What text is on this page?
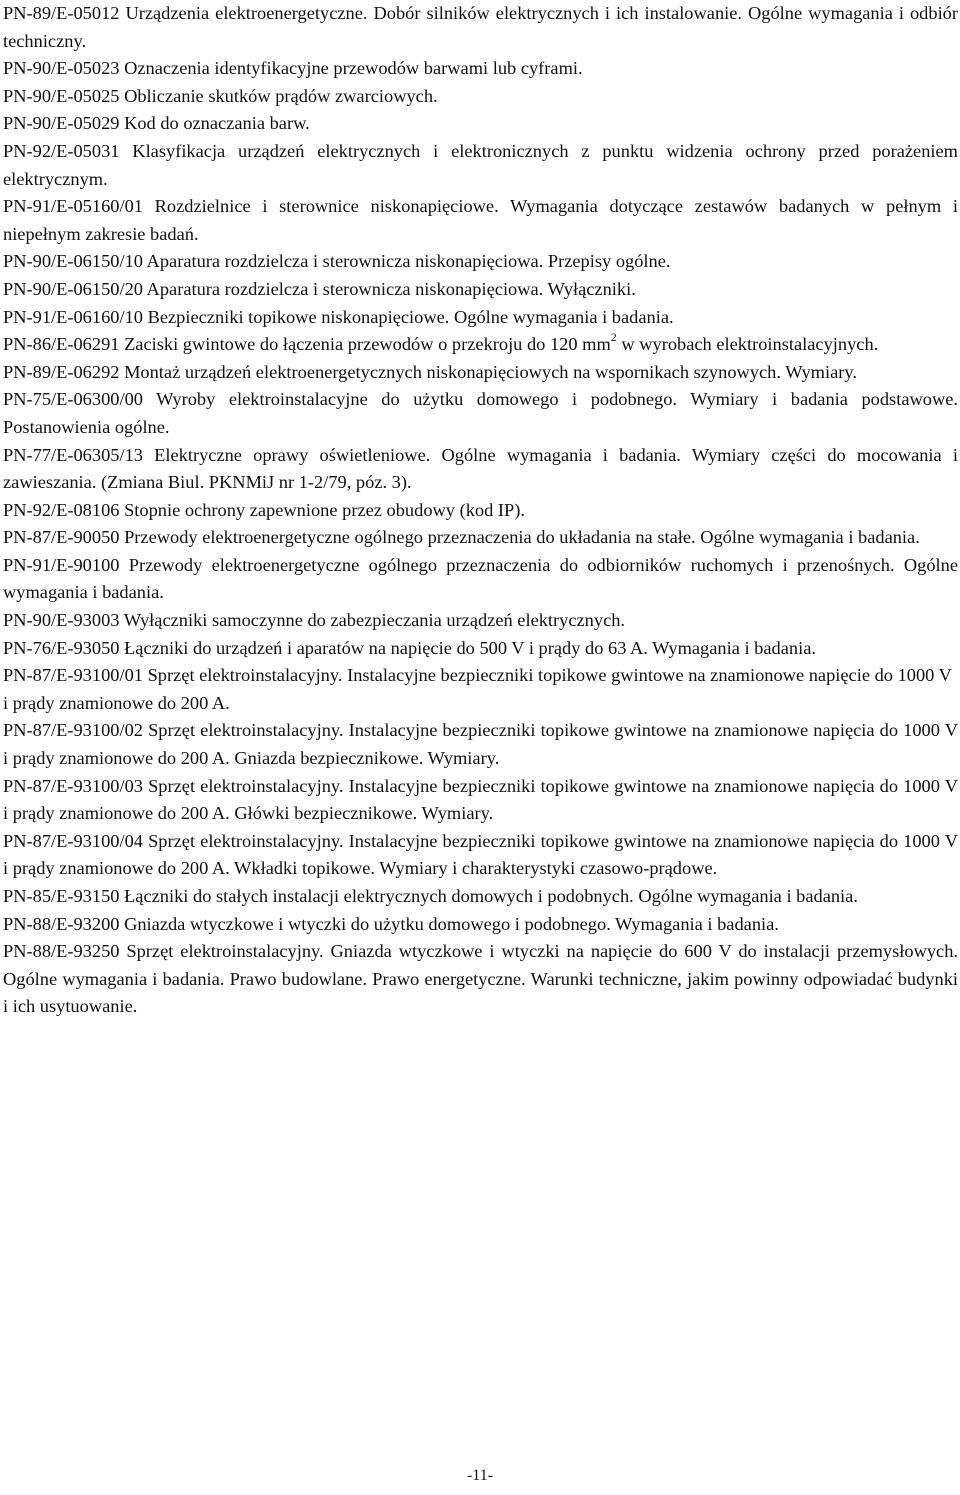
PN-89/E-05012 Urządzenia elektroenergetyczne. Dobór silników elektrycznych i ich instalowanie. Ogólne wymagania i odbiór techniczny.
PN-90/E-05023 Oznaczenia identyfikacyjne przewodów barwami lub cyframi.
PN-90/E-05025 Obliczanie skutków prądów zwarciowych.
PN-90/E-05029 Kod do oznaczania barw.
PN-92/E-05031 Klasyfikacja urządzeń elektrycznych i elektronicznych z punktu widzenia ochrony przed porażeniem elektrycznym.
PN-91/E-05160/01 Rozdzielnice i sterownice niskonapięciowe. Wymagania dotyczące zestawów badanych w pełnym i niepełnym zakresie badań.
PN-90/E-06150/10 Aparatura rozdzielcza i sterownicza niskonapięciowa. Przepisy ogólne.
PN-90/E-06150/20 Aparatura rozdzielcza i sterownicza niskonapięciowa. Wyłączniki.
PN-91/E-06160/10 Bezpieczniki topikowe niskonapięciowe. Ogólne wymagania i badania.
PN-86/E-06291 Zaciski gwintowe do łączenia przewodów o przekroju do 120 $mm^2$ w wyrobach elektroinstalacyjnych.
PN-89/E-06292 Montaż urządzeń elektroenergetycznych niskonapięciowych na wspornikach szynowych. Wymiary.
PN-75/E-06300/00 Wyroby elektroinstalacyjne do użytku domowego i podobnego. Wymiary i badania podstawowe. Postanowienia ogólne.
PN-77/E-06305/13 Elektryczne oprawy oświetleniowe. Ogólne wymagania i badania. Wymiary części do mocowania i zawieszania. (Zmiana Biul. PKNMiJ nr 1-2/79, póz. 3).
PN-92/E-08106 Stopnie ochrony zapewnione przez obudowy (kod IP).
PN-87/E-90050 Przewody elektroenergetyczne ogólnego przeznaczenia do układania na stałe. Ogólne wymagania i badania.
PN-91/E-90100 Przewody elektroenergetyczne ogólnego przeznaczenia do odbiorników ruchomych i przenośnych. Ogólne wymagania i badania.
PN-90/E-93003 Wyłączniki samoczynne do zabezpieczania urządzeń elektrycznych.
PN-76/E-93050 Łączniki do urządzeń i aparatów na napięcie do 500 V i prądy do 63 A. Wymagania i badania.
PN-87/E-93100/01 Sprzęt elektroinstalacyjny. Instalacyjne bezpieczniki topikowe gwintowe na znamionowe napięcie do 1000 V i prądy znamionowe do 200 A.
PN-87/E-93100/02 Sprzęt elektroinstalacyjny. Instalacyjne bezpieczniki topikowe gwintowe na znamionowe napięcia do 1000 V i prądy znamionowe do 200 A. Gniazda bezpiecznikowe. Wymiary.
PN-87/E-93100/03 Sprzęt elektroinstalacyjny. Instalacyjne bezpieczniki topikowe gwintowe na znamionowe napięcia do 1000 V i prądy znamionowe do 200 A. Główki bezpiecznikowe. Wymiary.
PN-87/E-93100/04 Sprzęt elektroinstalacyjny. Instalacyjne bezpieczniki topikowe gwintowe na znamionowe napięcia do 1000 V i prądy znamionowe do 200 A. Wkładki topikowe. Wymiary i charakterystyki czasowo-prądowe.
PN-85/E-93150 Łączniki do stałych instalacji elektrycznych domowych i podobnych. Ogólne wymagania i badania.
PN-88/E-93200 Gniazda wtyczkowe i wtyczki do użytku domowego i podobnego. Wymagania i badania.
PN-88/E-93250 Sprzęt elektroinstalacyjny. Gniazda wtyczkowe i wtyczki na napięcie do 600 V do instalacji przemysłowych. Ogólne wymagania i badania. Prawo budowlane. Prawo energetyczne. Warunki techniczne, jakim powinny odpowiadać budynki i ich usytuowanie.
-11-
